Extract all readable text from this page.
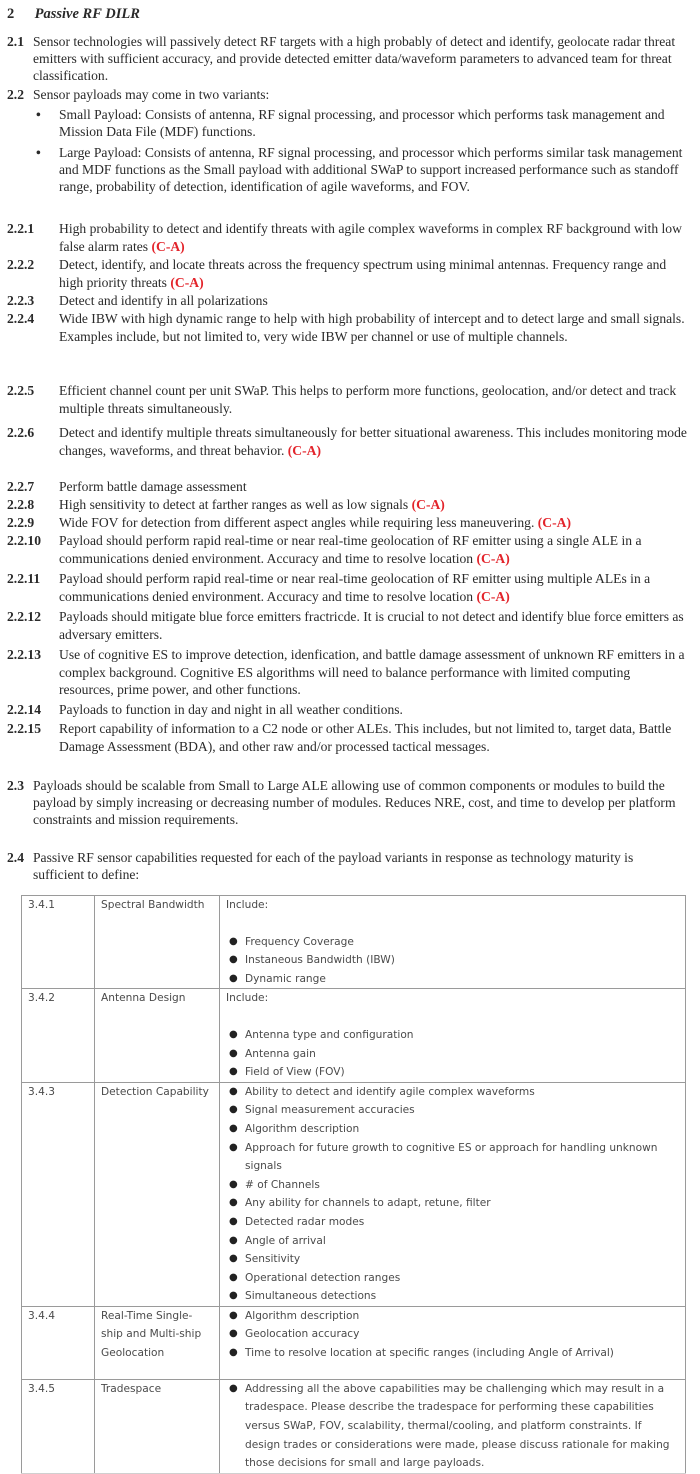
2 Passive RF DILR
2.1 Sensor technologies will passively detect RF targets with a high probably of detect and identify, geolocate radar threat emitters with sufficient accuracy, and provide detected emitter data/waveform parameters to advanced team for threat classification.
2.2 Sensor payloads may come in two variants:
• Small Payload: Consists of antenna, RF signal processing, and processor which performs task management and Mission Data File (MDF) functions.
• Large Payload: Consists of antenna, RF signal processing, and processor which performs similar task management and MDF functions as the Small payload with additional SWaP to support increased performance such as standoff range, probability of detection, identification of agile waveforms, and FOV.
2.2.1 High probability to detect and identify threats with agile complex waveforms in complex RF background with low false alarm rates (C-A)
2.2.2 Detect, identify, and locate threats across the frequency spectrum using minimal antennas. Frequency range and high priority threats (C-A)
2.2.3 Detect and identify in all polarizations
2.2.4 Wide IBW with high dynamic range to help with high probability of intercept and to detect large and small signals. Examples include, but not limited to, very wide IBW per channel or use of multiple channels.
2.2.5 Efficient channel count per unit SWaP. This helps to perform more functions, geolocation, and/or detect and track multiple threats simultaneously.
2.2.6 Detect and identify multiple threats simultaneously for better situational awareness. This includes monitoring mode changes, waveforms, and threat behavior. (C-A)
2.2.7 Perform battle damage assessment
2.2.8 High sensitivity to detect at farther ranges as well as low signals (C-A)
2.2.9 Wide FOV for detection from different aspect angles while requiring less maneuvering. (C-A)
2.2.10 Payload should perform rapid real-time or near real-time geolocation of RF emitter using a single ALE in a communications denied environment. Accuracy and time to resolve location (C-A)
2.2.11 Payload should perform rapid real-time or near real-time geolocation of RF emitter using multiple ALEs in a communications denied environment. Accuracy and time to resolve location (C-A)
2.2.12 Payloads should mitigate blue force emitters fractricde. It is crucial to not detect and identify blue force emitters as adversary emitters.
2.2.13 Use of cognitive ES to improve detection, idenfication, and battle damage assessment of unknown RF emitters in a complex background. Cognitive ES algorithms will need to balance performance with limited computing resources, prime power, and other functions.
2.2.14 Payloads to function in day and night in all weather conditions.
2.2.15 Report capability of information to a C2 node or other ALEs. This includes, but not limited to, target data, Battle Damage Assessment (BDA), and other raw and/or processed tactical messages.
2.3 Payloads should be scalable from Small to Large ALE allowing use of common components or modules to build the payload by simply increasing or decreasing number of modules. Reduces NRE, cost, and time to develop per platform constraints and mission requirements.
2.4 Passive RF sensor capabilities requested for each of the payload variants in response as technology maturity is sufficient to define:
3.4.1	Spectral Bandwidth	Include:
● Frequency Coverage
● Instaneous Bandwidth (IBW)
● Dynamic range

3.4.2	Antenna Design	Include:
● Antenna type and configuration
● Antenna gain
● Field of View (FOV)

3.4.3	Detection Capability	● Ability to detect and identify agile complex waveforms
● Signal measurement accuracies
● Algorithm description
● Approach for future growth to cognitive ES or approach for handling unknown signals
● # of Channels
● Any ability for channels to adapt, retune, filter
● Detected radar modes
● Angle of arrival
● Sensitivity
● Operational detection ranges
● Simultaneous detections

3.4.4	Real-Time Single-ship and Multi-ship Geolocation	
● Algorithm description
● Geolocation accuracy
● Time to resolve location at specific ranges (including Angle of Arrival)

3.4.5	Tradespace	● Addressing all the above capabilities may be challenging which may result in a tradespace. Please describe the tradespace for performing these capabilities versus SWaP, FOV, scalability, thermal/cooling, and platform constraints. If design trades or considerations were made, please discuss rationale for making those decisions for small and large payloads.
